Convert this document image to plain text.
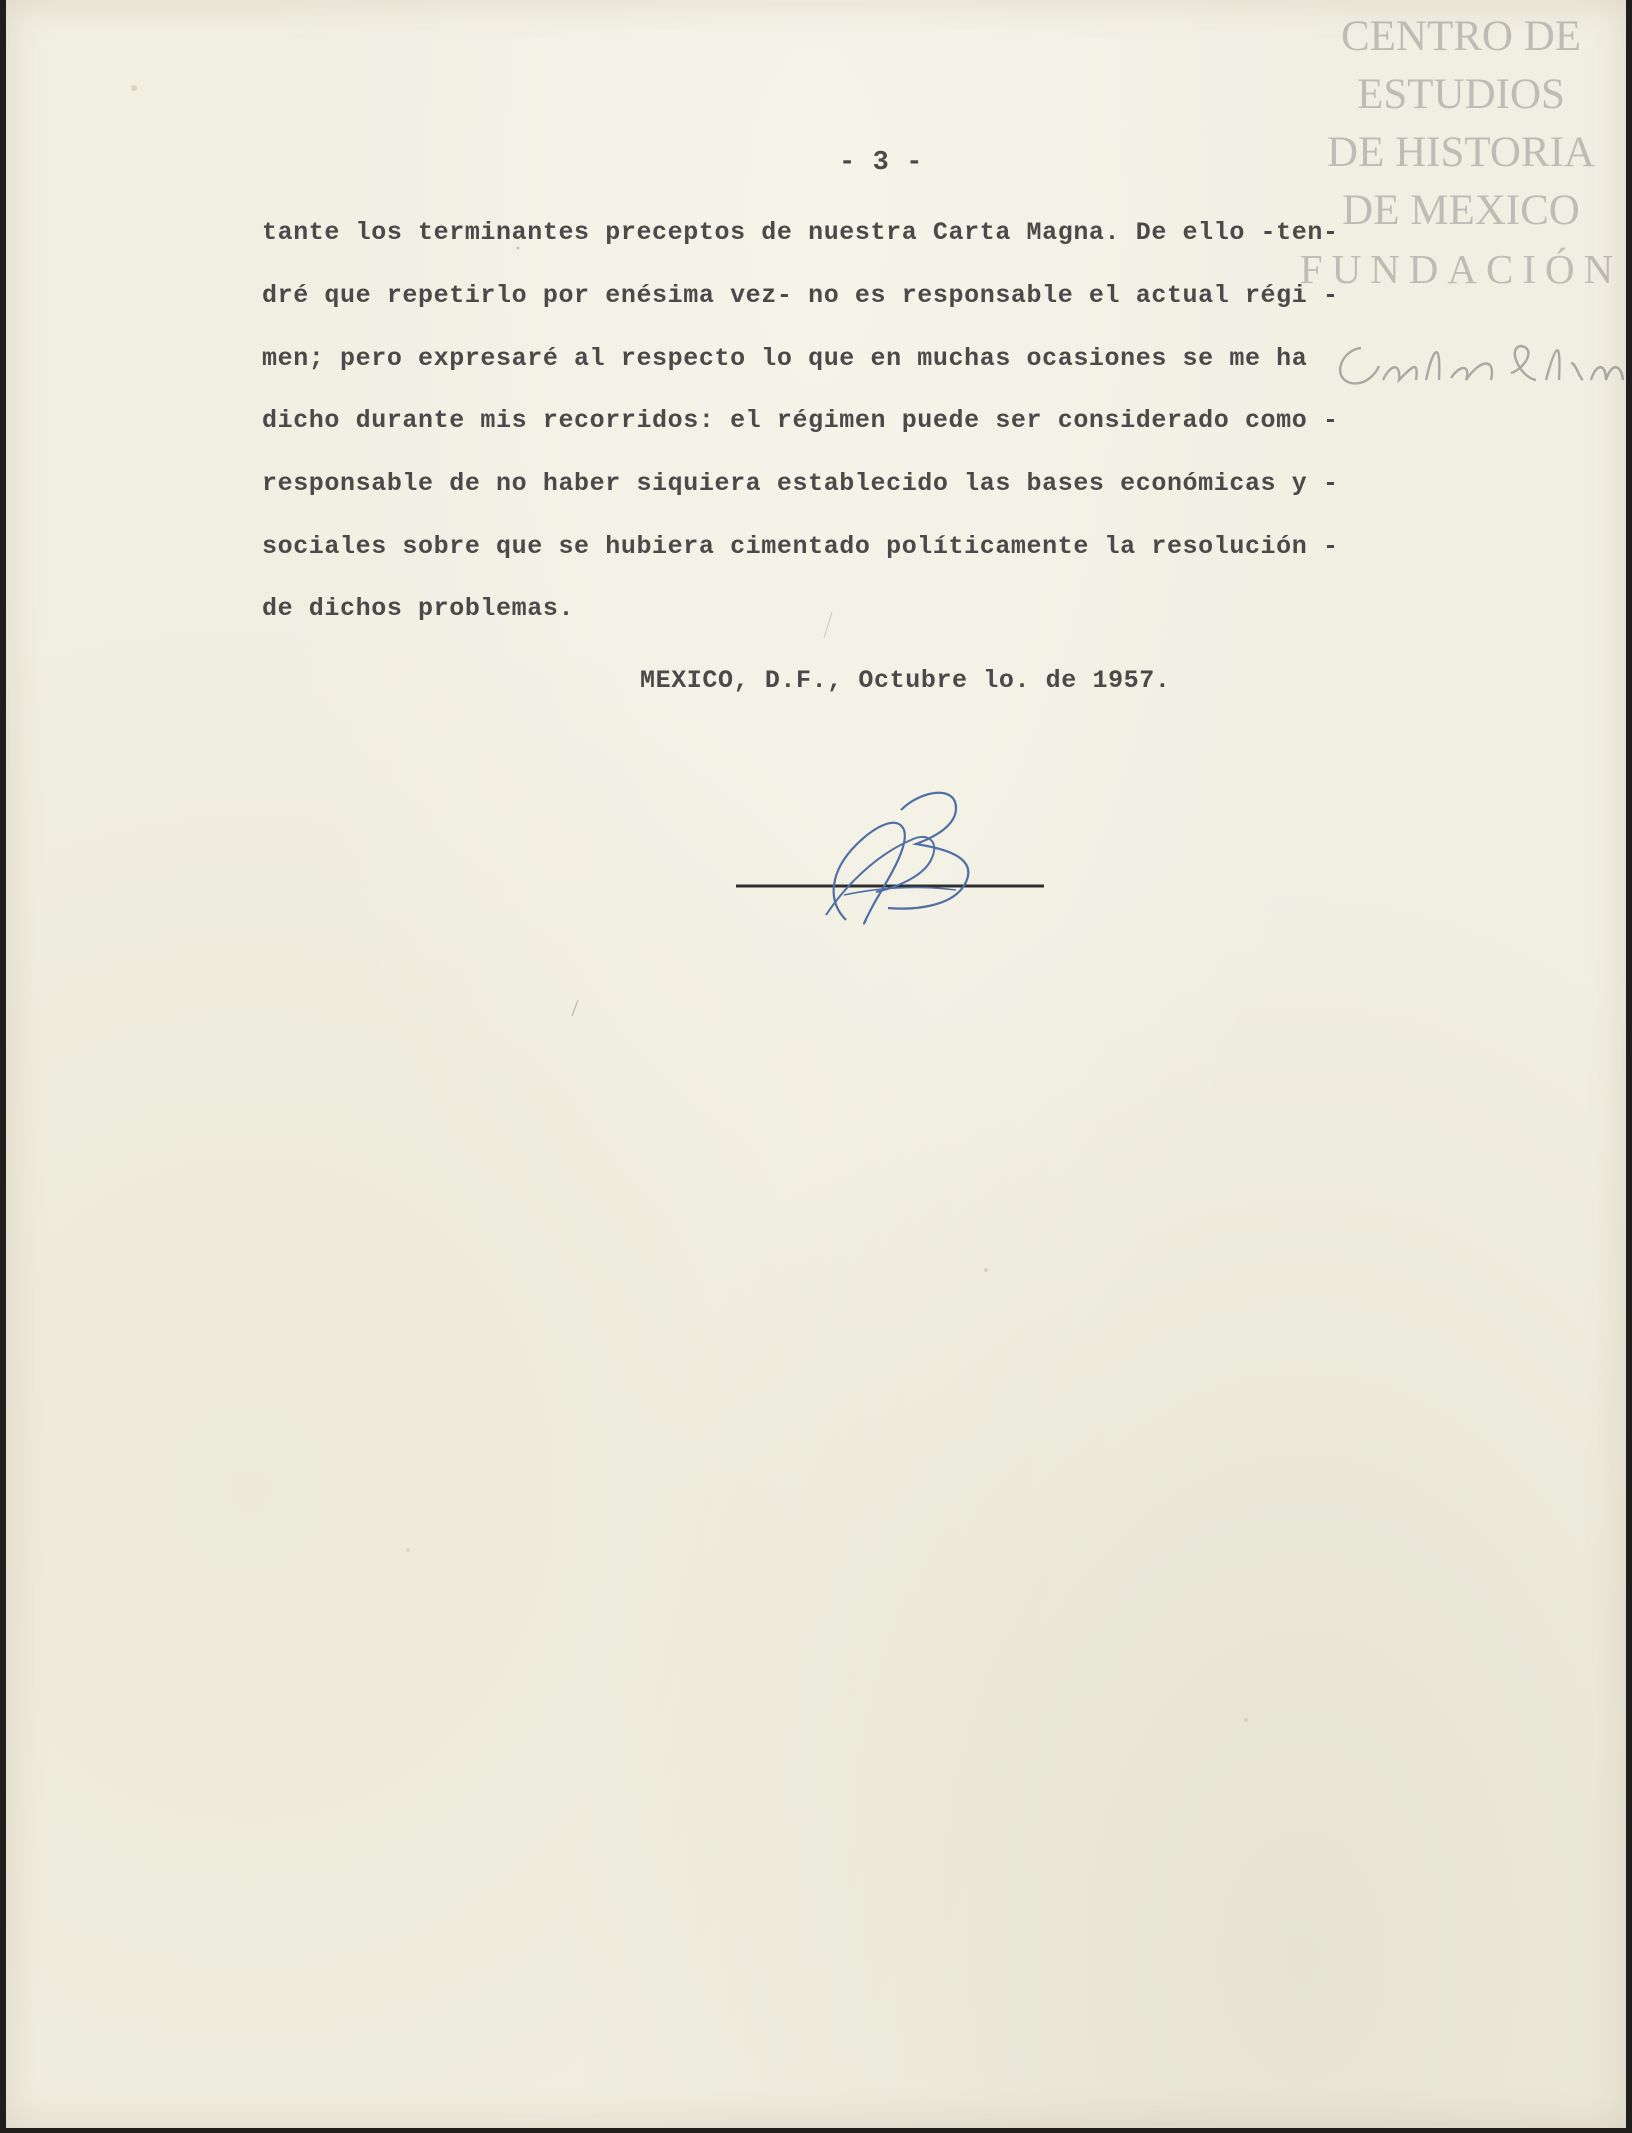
- 3 -

tante los terminantes preceptos de nuestra Carta Magna. De ello -ten-

dré que repetirlo por enésima vez- no es responsable el actual régi -

men; pero expresaré al respecto lo que en muchas ocasiones se me ha

dicho durante mis recorridos: el régimen puede ser considerado como -

responsable de no haber siquiera establecido las bases económicas y -

sociales sobre que se hubiera cimentado políticamente la resolución -

de dichos problemas.

MEXICO, D.F., Octubre lo. de 1957.

CENTRO DE
ESTUDIOS
DE HISTORIA
DE MEXICO
FUNDACIÓN
